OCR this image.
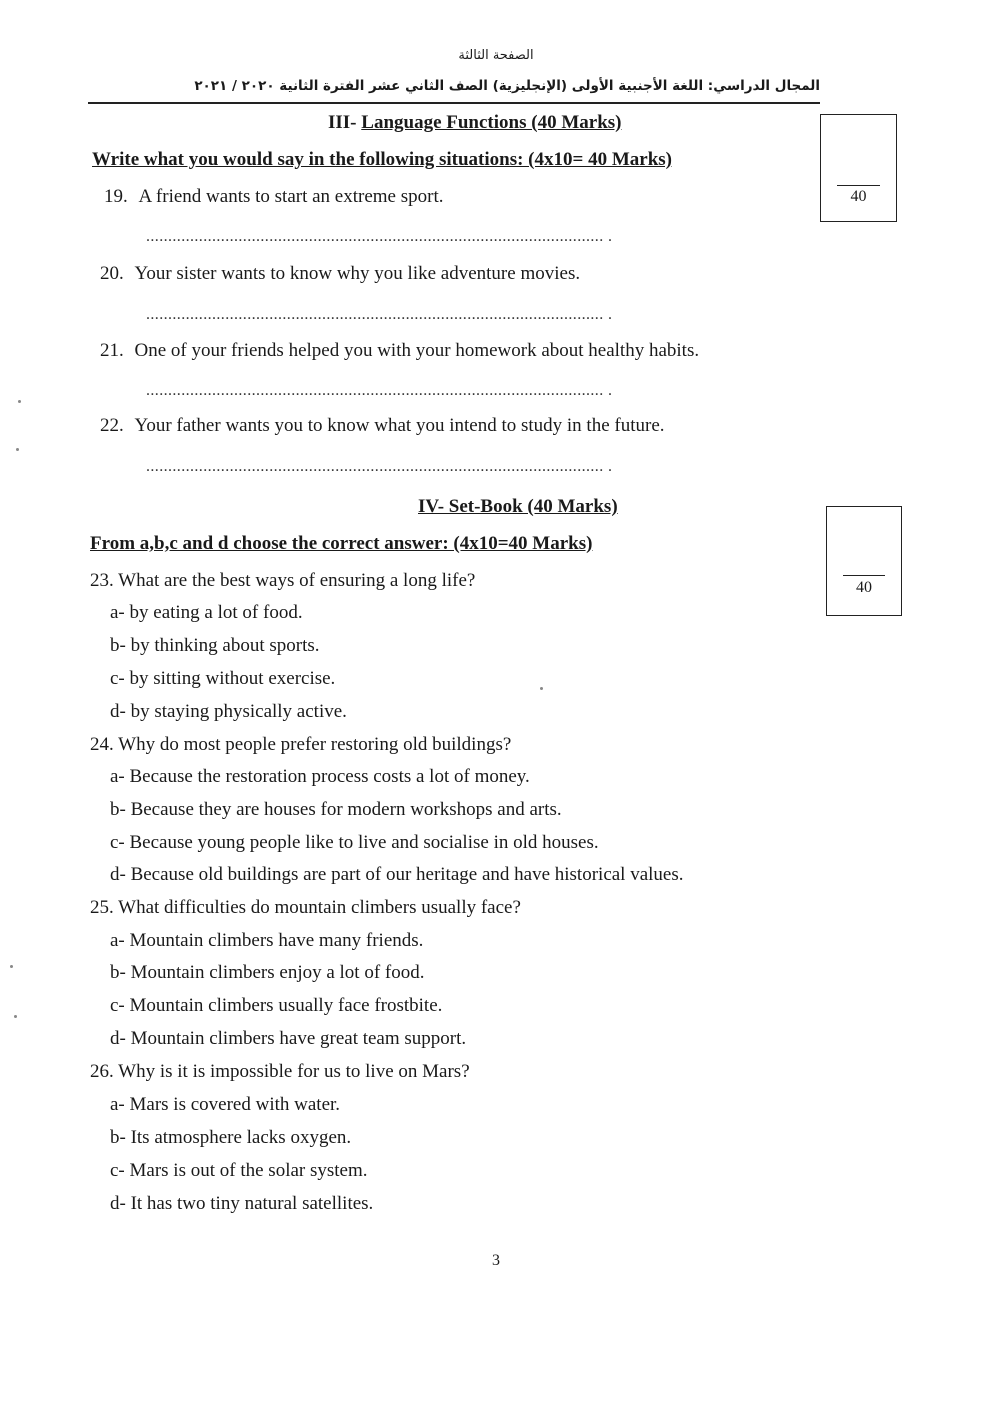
الصفحة الثالثة
المجال الدراسي: اللغة الأجنبية الأولى (الإنجليزية) الصف الثاني عشر الفترة الثانية ٢٠٢٠ / ٢٠٢١
III- Language Functions (40 Marks)
Write what you would say in the following situations: (4x10= 40 Marks)
40
19. A friend wants to start an extreme sport.
........................................................................................................ .
20. Your sister wants to know why you like adventure movies.
........................................................................................................ .
21. One of your friends helped you with your homework about healthy habits.
........................................................................................................ .
22. Your father wants you to know what you intend to study in the future.
........................................................................................................ .
IV- Set-Book (40 Marks)
From a,b,c and d choose the correct answer: (4x10=40 Marks)
40
23. What are the best ways of ensuring a long life?
a- by eating a lot of food.
b- by thinking about sports.
c- by sitting without exercise.
d- by staying physically active.
24. Why do most people prefer restoring old buildings?
a- Because the restoration process costs a lot of money.
b- Because they are houses for modern workshops and arts.
c- Because young people like to live and socialise in old houses.
d- Because old buildings are part of our heritage and have historical values.
25. What difficulties do mountain climbers usually face?
a- Mountain climbers have many friends.
b- Mountain climbers enjoy a lot of food.
c- Mountain climbers usually face frostbite.
d- Mountain climbers have great team support.
26. Why is it is impossible for us to live on Mars?
a- Mars is covered with water.
b- Its atmosphere lacks oxygen.
c- Mars is out of the solar system.
d- It has two tiny natural satellites.
3
